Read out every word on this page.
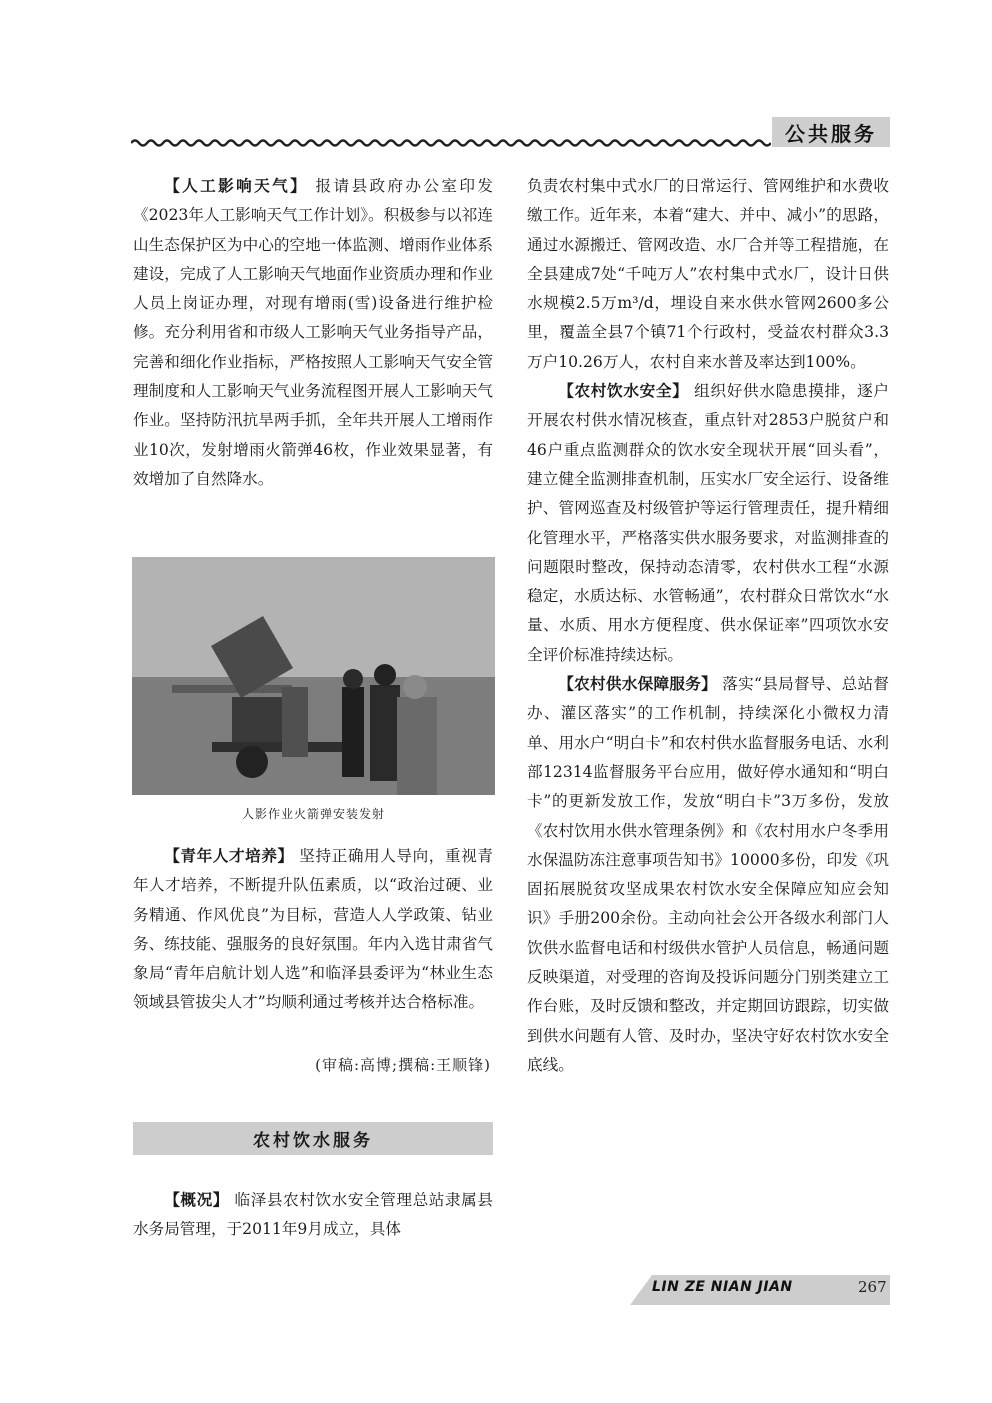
公共服务

【人工影响天气】 报请县政府办公室印发《2023年人工影响天气工作计划》。积极参与以祁连山生态保护区为中心的空地一体监测、增雨作业体系建设，完成了人工影响天气地面作业资质办理和作业人员上岗证办理，对现有增雨(雪)设备进行维护检修。充分利用省和市级人工影响天气业务指导产品，完善和细化作业指标，严格按照人工影响天气安全管理制度和人工影响天气业务流程图开展人工影响天气作业。坚持防汛抗旱两手抓，全年共开展人工增雨作业10次，发射增雨火箭弹46枚，作业效果显著，有效增加了自然降水。

人影作业火箭弹安装发射

【青年人才培养】 坚持正确用人导向，重视青年人才培养，不断提升队伍素质，以“政治过硬、业务精通、作风优良”为目标，营造人人学政策、钻业务、练技能、强服务的良好氛围。年内入选甘肃省气象局“青年启航计划人选”和临泽县委评为“林业生态领域县管拔尖人才”均顺利通过考核并达合格标准。

(审稿:高博;撰稿:王顺锋)
农村饮水服务

【概况】 临泽县农村饮水安全管理总站隶属县水务局管理，于2011年9月成立，具体

负责农村集中式水厂的日常运行、管网维护和水费收缴工作。近年来，本着“建大、并中、减小”的思路，通过水源搬迁、管网改造、水厂合并等工程措施，在全县建成7处“千吨万人”农村集中式水厂，设计日供水规模2.5万m³/d，埋设自来水供水管网2600多公里，覆盖全县7个镇71个行政村，受益农村群众3.3万户10.26万人，农村自来水普及率达到100%。

【农村饮水安全】 组织好供水隐患摸排，逐户开展农村供水情况核查，重点针对2853户脱贫户和46户重点监测群众的饮水安全现状开展“回头看”，建立健全监测排查机制，压实水厂安全运行、设备维护、管网巡查及村级管护等运行管理责任，提升精细化管理水平，严格落实供水服务要求，对监测排查的问题限时整改，保持动态清零，农村供水工程“水源稳定，水质达标、水管畅通”，农村群众日常饮水“水量、水质、用水方便程度、供水保证率”四项饮水安全评价标准持续达标。

【农村供水保障服务】 落实“县局督导、总站督办、灌区落实”的工作机制，持续深化小微权力清单、用水户“明白卡”和农村供水监督服务电话、水利部12314监督服务平台应用，做好停水通知和“明白卡”的更新发放工作，发放“明白卡”3万多份，发放《农村饮用水供水管理条例》和《农村用水户冬季用水保温防冻注意事项告知书》10000多份，印发《巩固拓展脱贫攻坚成果农村饮水安全保障应知应会知识》手册200余份。主动向社会公开各级水利部门人饮供水监督电话和村级供水管护人员信息，畅通问题反映渠道，对受理的咨询及投诉问题分门别类建立工作台账，及时反馈和整改，并定期回访跟踪，切实做到供水问题有人管、及时办，坚决守好农村饮水安全底线。

LIN ZE NIAN JIAN	267
